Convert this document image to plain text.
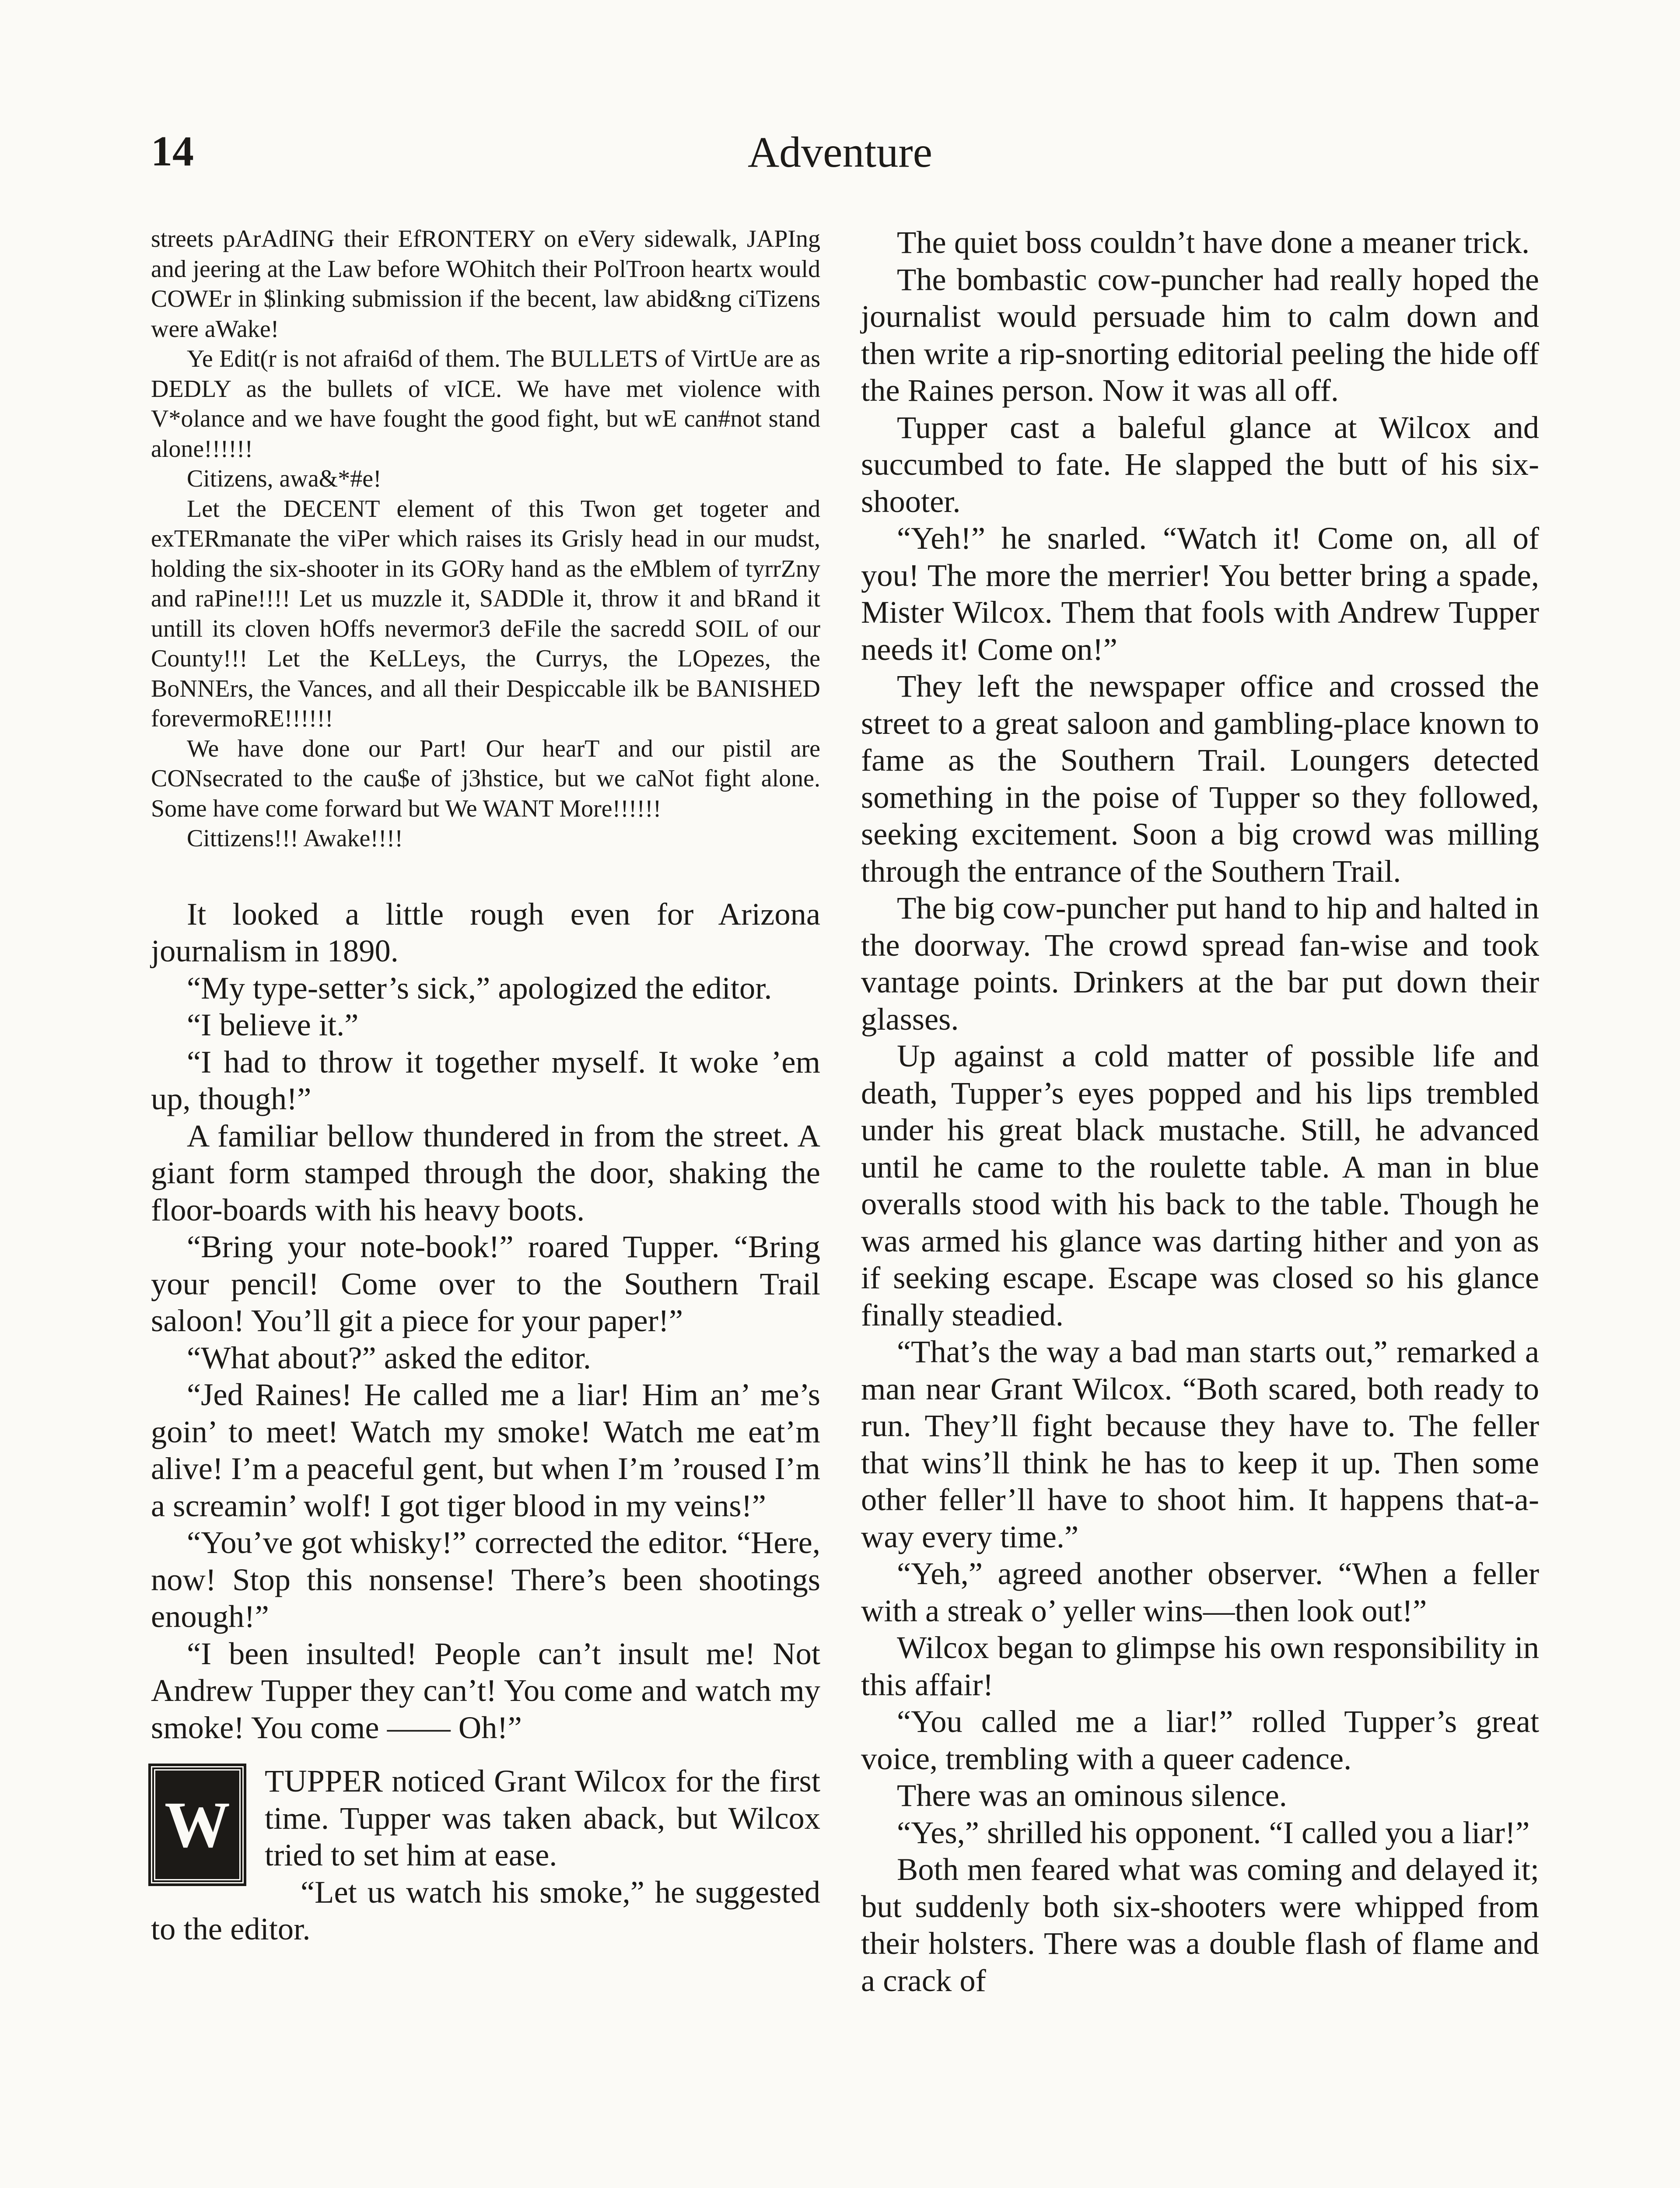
Adventure
14

streets pArAdING their EfRONTERY on eVery sidewalk, JAPIng and jeering at the Law before WOhitch their PolTroon heartx would COWEr in $linking submission if the becent, law abid&ng ciTizens were aWake!

Ye Edit(r is not afrai6d of them. The BULLETS of VirtUe are as DEDLY as the bullets of vICE. We have met violence with V*olance and we have fought the good fight, but wE can#not stand alone!!!!!!

Citizens, awa&*#e!

Let the DECENT element of this Twon get togeter and exTERmanate the viPer which raises its Grisly head in our mudst, holding the six-shooter in its GORy hand as the eMblem of tyrrZny and raPine!!!! Let us muzzle it, SADDle it, throw it and bRand it untill its cloven hOffs nevermor3 deFile the sacredd SOIL of our County!!! Let the KeLLeys, the Currys, the LOpezes, the BoNNErs, the Vances, and all their Despiccable ilk be BANISHED forevermoRE!!!!!!

We have done our Part! Our hearT and our pistil are CONsecrated to the cau$e of j3hstice, but we caNot fight alone. Some have come forward but We WANT More!!!!!!

Cittizens!!! Awake!!!!

It looked a little rough even for Arizona journalism in 1890.

“My type-setter’s sick,” apologized the editor.

“I believe it.”

“I had to throw it together myself. It woke ’em up, though!”

A familiar bellow thundered in from the street. A giant form stamped through the door, shaking the floor-boards with his heavy boots.

“Bring your note-book!” roared Tupper. “Bring your pencil! Come over to the Southern Trail saloon! You’ll git a piece for your paper!”

“What about?” asked the editor.

“Jed Raines! He called me a liar! Him an’ me’s goin’ to meet! Watch my smoke! Watch me eat’m alive! I’m a peaceful gent, but when I’m ’roused I’m a screamin’ wolf! I got tiger blood in my veins!”

“You’ve got whisky!” corrected the editor. “Here, now! Stop this nonsense! There’s been shootings enough!”

“I been insulted! People can’t insult me! Not Andrew Tupper they can’t! You come and watch my smoke! You come —— Oh!”

W

TUPPER noticed Grant Wilcox for the first time. Tupper was taken aback, but Wilcox tried to set him at ease.

“Let us watch his smoke,” he suggested to the editor.

The quiet boss couldn’t have done a meaner trick.

The bombastic cow-puncher had really hoped the journalist would persuade him to calm down and then write a rip-snorting editorial peeling the hide off the Raines person. Now it was all off.

Tupper cast a baleful glance at Wilcox and succumbed to fate. He slapped the butt of his six-shooter.

“Yeh!” he snarled. “Watch it! Come on, all of you! The more the merrier! You better bring a spade, Mister Wilcox. Them that fools with Andrew Tupper needs it! Come on!”

They left the newspaper office and crossed the street to a great saloon and gambling-place known to fame as the Southern Trail. Loungers detected something in the poise of Tupper so they followed, seeking excitement. Soon a big crowd was milling through the entrance of the Southern Trail.

The big cow-puncher put hand to hip and halted in the doorway. The crowd spread fan-wise and took vantage points. Drinkers at the bar put down their glasses.

Up against a cold matter of possible life and death, Tupper’s eyes popped and his lips trembled under his great black mustache. Still, he advanced until he came to the roulette table. A man in blue overalls stood with his back to the table. Though he was armed his glance was darting hither and yon as if seeking escape. Escape was closed so his glance finally steadied.

“That’s the way a bad man starts out,” remarked a man near Grant Wilcox. “Both scared, both ready to run. They’ll fight because they have to. The feller that wins’ll think he has to keep it up. Then some other feller’ll have to shoot him. It happens that-a-way every time.”

“Yeh,” agreed another observer. “When a feller with a streak o’ yeller wins—then look out!”

Wilcox began to glimpse his own responsibility in this affair!

“You called me a liar!” rolled Tupper’s great voice, trembling with a queer cadence.

There was an ominous silence.

“Yes,” shrilled his opponent. “I called you a liar!”

Both men feared what was coming and delayed it; but suddenly both six-shooters were whipped from their holsters. There was a double flash of flame and a crack of
